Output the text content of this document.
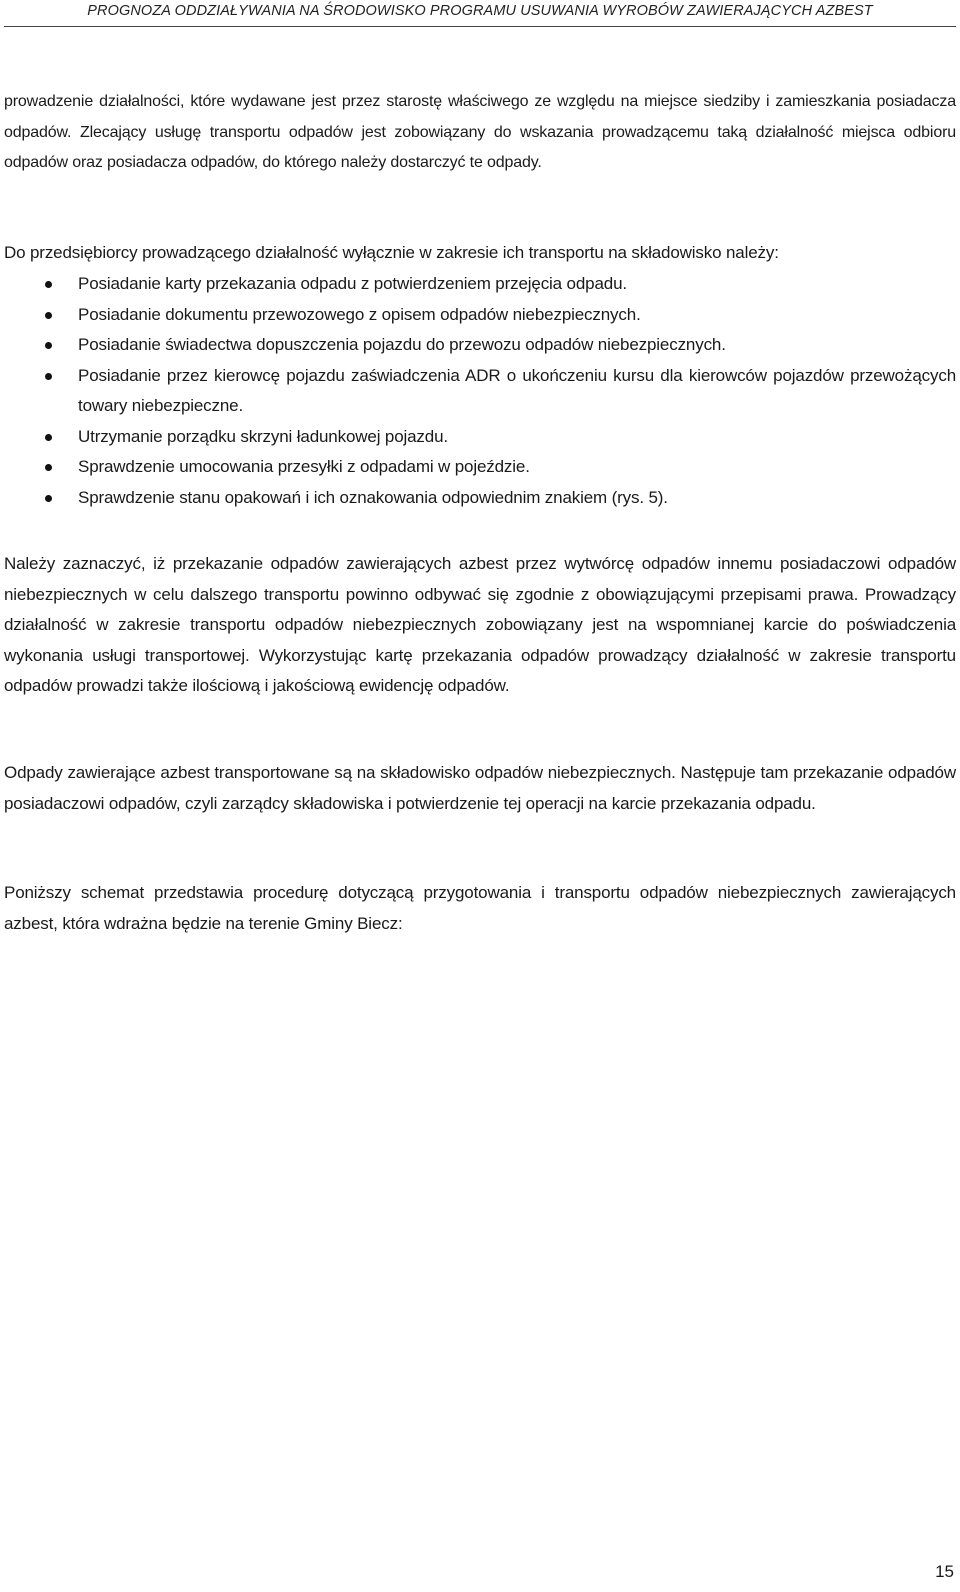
PROGNOZA ODDZIAŁYWANIA NA ŚRODOWISKO PROGRAMU USUWANIA WYROBÓW ZAWIERAJĄCYCH AZBEST

prowadzenie działalności, które wydawane jest przez starostę właściwego ze względu na miejsce siedziby i zamieszkania posiadacza odpadów. Zlecający usługę transportu odpadów jest zobowiązany do wskazania prowadzącemu taką działalność miejsca odbioru odpadów oraz posiadacza odpadów, do którego należy dostarczyć te odpady.

Do przedsiębiorcy prowadzącego działalność wyłącznie w zakresie ich transportu na składowisko należy:

Posiadanie karty przekazania odpadu z potwierdzeniem przejęcia odpadu.
Posiadanie dokumentu przewozowego z opisem odpadów niebezpiecznych.
Posiadanie świadectwa dopuszczenia pojazdu do przewozu odpadów niebezpiecznych.
Posiadanie przez kierowcę pojazdu zaświadczenia ADR o ukończeniu kursu dla kierowców pojazdów przewożących towary niebezpieczne.
Utrzymanie porządku skrzyni ładunkowej pojazdu.
Sprawdzenie umocowania przesyłki z odpadami w pojeździe.
Sprawdzenie stanu opakowań i ich oznakowania odpowiednim znakiem (rys. 5).

Należy zaznaczyć, iż przekazanie odpadów zawierających azbest przez wytwórcę odpadów innemu posiadaczowi odpadów niebezpiecznych w celu dalszego transportu powinno odbywać się zgodnie z obowiązującymi przepisami prawa. Prowadzący działalność w zakresie transportu odpadów niebezpiecznych zobowiązany jest na wspomnianej karcie do poświadczenia wykonania usługi transportowej. Wykorzystując kartę przekazania odpadów prowadzący działalność w zakresie transportu odpadów prowadzi także ilościową i jakościową ewidencję odpadów.

Odpady zawierające azbest transportowane są na składowisko odpadów niebezpiecznych. Następuje tam przekazanie odpadów posiadaczowi odpadów, czyli zarządcy składowiska i potwierdzenie tej operacji na karcie przekazania odpadu.

Poniższy schemat przedstawia procedurę dotyczącą przygotowania i transportu odpadów niebezpiecznych zawierających azbest, która wdrażna będzie na terenie Gminy Biecz:

15
